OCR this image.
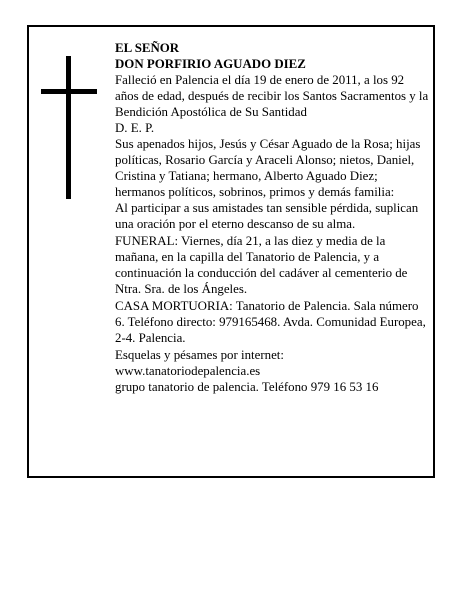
EL SEÑOR

DON PORFIRIO AGUADO DIEZ

Falleció en Palencia el día 19 de enero de 2011, a los 92 años de edad, después de recibir los Santos Sacramentos y la Bendición Apostólica de Su Santidad

D. E. P.

Sus apenados hijos, Jesús y César Aguado de la Rosa; hijas políticas, Rosario García y Araceli Alonso; nietos, Daniel, Cristina y Tatiana; hermano, Alberto Aguado Diez; hermanos políticos, sobrinos, primos y demás familia:

Al participar a sus amistades tan sensible pérdida, suplican una oración por el eterno descanso de su alma.

FUNERAL: Viernes, día 21, a las diez y media de la mañana, en la capilla del Tanatorio de Palencia, y a continuación la conducción del cadáver al cementerio de Ntra. Sra. de los Ángeles.

CASA MORTUORIA: Tanatorio de Palencia. Sala número 6. Teléfono directo: 979165468. Avda. Comunidad Europea, 2-4. Palencia.

Esquelas y pésames por internet:

www.tanatoriodepalencia.es

grupo tanatorio de palencia. Teléfono 979 16 53 16
